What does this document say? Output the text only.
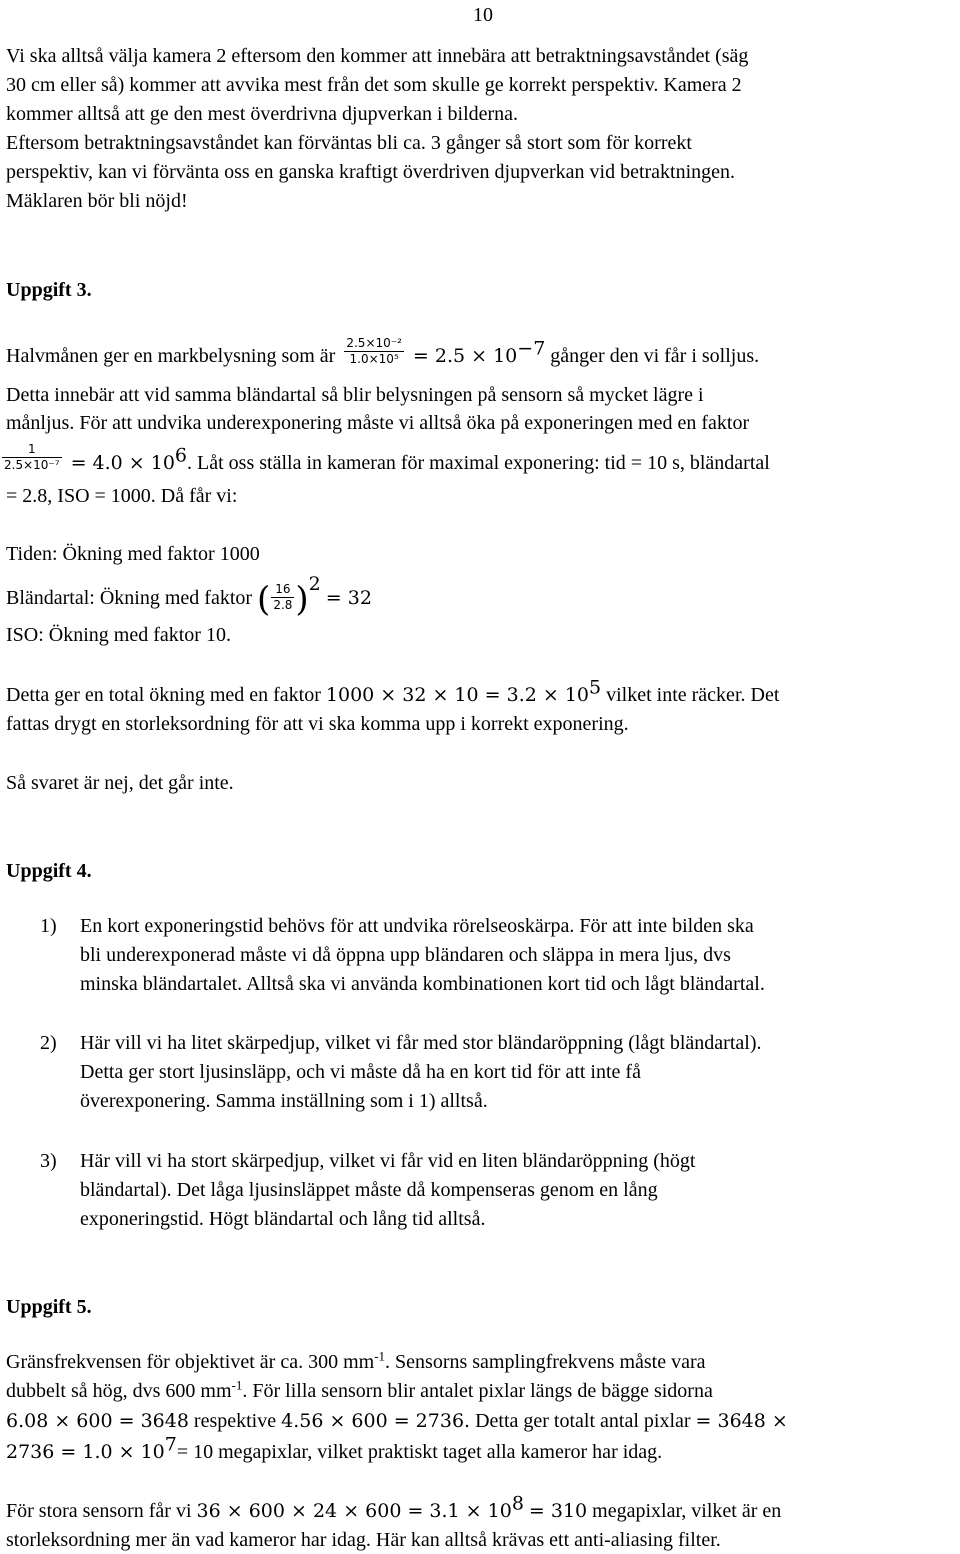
10
Vi ska alltså välja kamera 2 eftersom den kommer att innebära att betraktningsavståndet (säg
30 cm eller så) kommer att avvika mest från det som skulle ge korrekt perspektiv. Kamera 2
kommer alltså att ge den mest överdrivna djupverkan i bilderna.
Eftersom betraktningsavståndet kan förväntas bli ca. 3 gånger så stort som för korrekt
perspektiv, kan vi förvänta oss en ganska kraftigt överdriven djupverkan vid betraktningen.
Mäklaren bör bli nöjd!
Uppgift 3.
Halvmånen ger en markbelysning som är $\frac{\text{2.5×10⁻²}}{\text{1.0×10⁵}} = 2.5 \times 10^{-7}$ gånger den vi får i solljus.
Detta innebär att vid samma bländartal så blir belysningen på sensorn så mycket lägre i
månljus. För att undvika underexponering måste vi alltså öka på exponeringen med en faktor
$\frac{1}{\text{2.5×10⁻⁷}} = 4.0 \times 10^6$. Låt oss ställa in kameran för maximal exponering: tid = 10 s, bländartal
= 2.8, ISO = 1000. Då får vi:
Tiden: Ökning med faktor 1000
Bländartal: Ökning med faktor ( $\frac{16}{2.8} )^2 = 32$
ISO: Ökning med faktor 10.
Detta ger en total ökning med en faktor $1000 \times 32 \times 10 = 3.2 \times 10^5$ vilket inte räcker. Det
fattas drygt en storleksordning för att vi ska komma upp i korrekt exponering.
Så svaret är nej, det går inte.
Uppgift 4.
1) En kort exponeringstid behövs för att undvika rörelseoskärpa. För att inte bilden ska
bli underexponerad måste vi då öppna upp bländaren och släppa in mera ljus, dvs
minska bländartalet. Alltså ska vi använda kombinationen kort tid och lågt bländartal.
2) Här vill vi ha litet skärpedjup, vilket vi får med stor bländaröppning (lågt bländartal).
Detta ger stort ljusinsläpp, och vi måste då ha en kort tid för att inte få
överexponering. Samma inställning som i 1) alltså.
3) Här vill vi ha stort skärpedjup, vilket vi får vid en liten bländaröppning (högt
bländartal). Det låga ljusinsläppet måste då kompenseras genom en lång
exponeringstid. Högt bländartal och lång tid alltså.
Uppgift 5.
Gränsfrekvensen för objektivet är ca. 300 $mm^{-1}$. Sensorns samplingfrekvens måste vara
dubbelt så hög, dvs 600 $mm^{-1}$. För lilla sensorn blir antalet pixlar längs de bägge sidorna
6.08 × 600 = 3648 respektive 4.56 × 600 = 2736. Detta ger totalt antal pixlar = 3648 ×
$2736 = 1.0 \times 10^7= 10$ megapixlar, vilket praktiskt taget alla kameror har idag.
För stora sensorn får vi $36 \times 600 \times 24 \times 600 = 3.1 \times 10^8 = 310$ megapixlar, vilket är en
storleksordning mer än vad kameror har idag. Här kan alltså krävas ett anti-aliasing filter.
